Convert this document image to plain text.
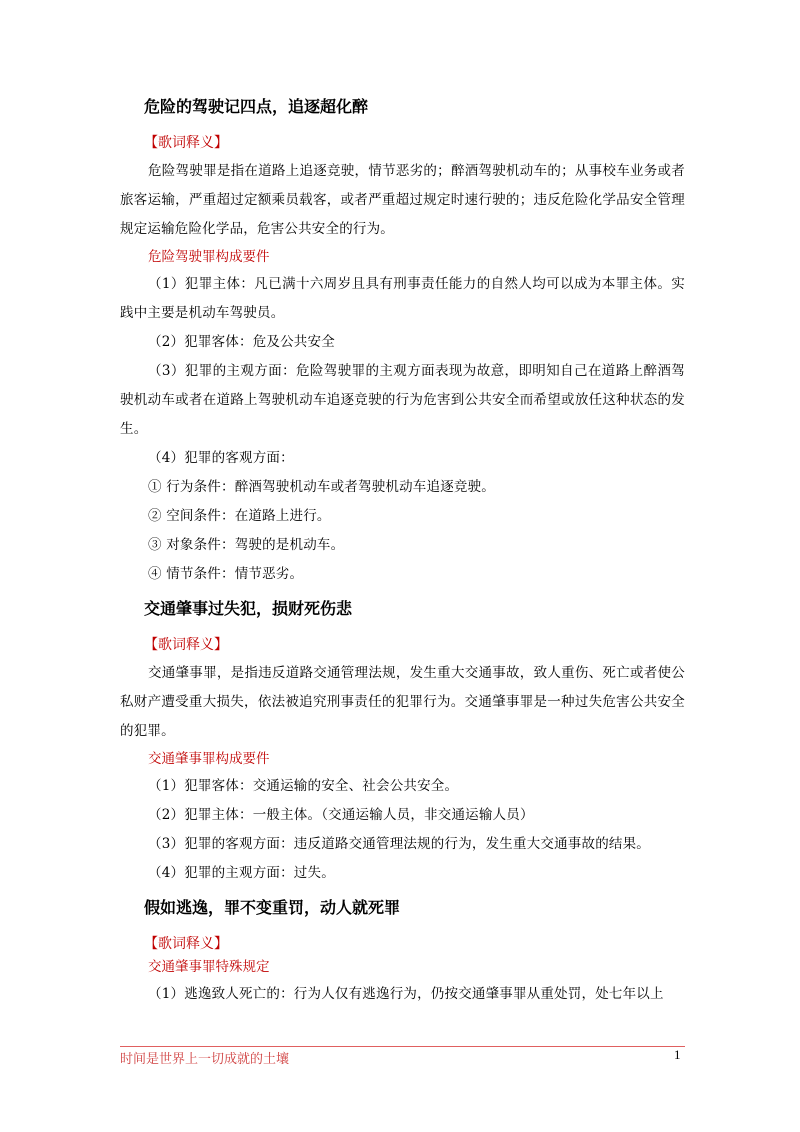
危险的驾驶记四点，追逐超化醉
【歌词释义】

危险驾驶罪是指在道路上追逐竞驶，情节恶劣的；醉酒驾驶机动车的；从事校车业务或者旅客运输，严重超过定额乘员载客，或者严重超过规定时速行驶的；违反危险化学品安全管理规定运输危险化学品，危害公共安全的行为。

危险驾驶罪构成要件
（1）犯罪主体：凡已满十六周岁且具有刑事责任能力的自然人均可以成为本罪主体。实践中主要是机动车驾驶员。
（2）犯罪客体：危及公共安全
（3）犯罪的主观方面：危险驾驶罪的主观方面表现为故意，即明知自己在道路上醉酒驾驶机动车或者在道路上驾驶机动车追逐竞驶的行为危害到公共安全而希望或放任这种状态的发生。
（4）犯罪的客观方面：
① 行为条件：醉酒驾驶机动车或者驾驶机动车追逐竞驶。
② 空间条件：在道路上进行。
③ 对象条件：驾驶的是机动车。
④ 情节条件：情节恶劣。
交通肇事过失犯，损财死伤悲
【歌词释义】

交通肇事罪，是指违反道路交通管理法规，发生重大交通事故，致人重伤、死亡或者使公私财产遭受重大损失，依法被追究刑事责任的犯罪行为。交通肇事罪是一种过失危害公共安全的犯罪。

交通肇事罪构成要件
（1）犯罪客体：交通运输的安全、社会公共安全。
（2）犯罪主体：一般主体。（交通运输人员，非交通运输人员）
（3）犯罪的客观方面：违反道路交通管理法规的行为，发生重大交通事故的结果。
（4）犯罪的主观方面：过失。
假如逃逸，罪不变重罚，动人就死罪
【歌词释义】
交通肇事罪特殊规定
（1）逃逸致人死亡的：行为人仅有逃逸行为，仍按交通肇事罪从重处罚，处七年以上
时间是世界上一切成就的土壤	1
